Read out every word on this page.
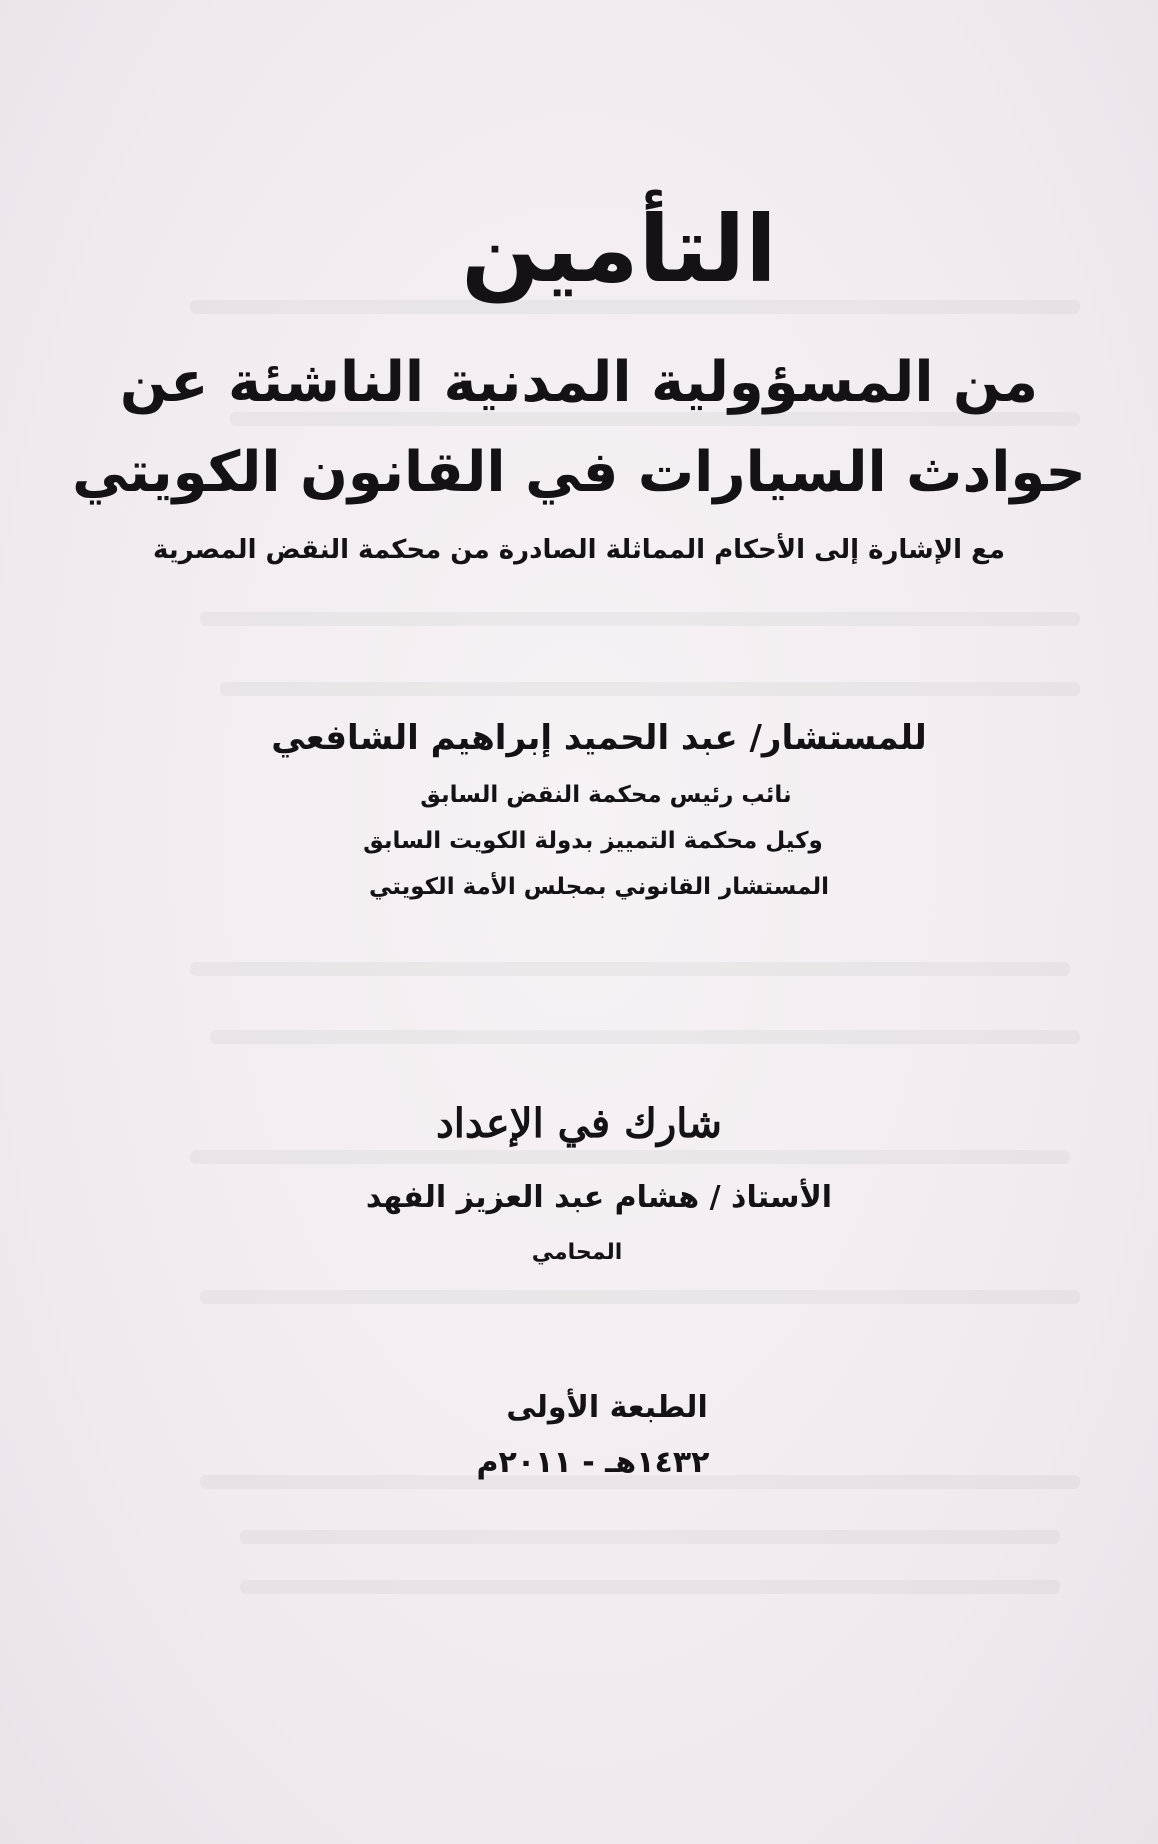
التأمين
من المسؤولية المدنية الناشئة عن
حوادث السيارات في القانون الكويتي
مع الإشارة إلى الأحكام المماثلة الصادرة من محكمة النقض المصرية
للمستشار/ عبد الحميد إبراهيم الشافعي
نائب رئيس محكمة النقض السابق
وكيل محكمة التمييز بدولة الكويت السابق
المستشار القانوني بمجلس الأمة الكويتي
شارك في الإعداد
الأستاذ / هشام عبد العزيز الفهد
المحامي
الطبعة الأولى
١٤٣٢هـ - ٢٠١١م
